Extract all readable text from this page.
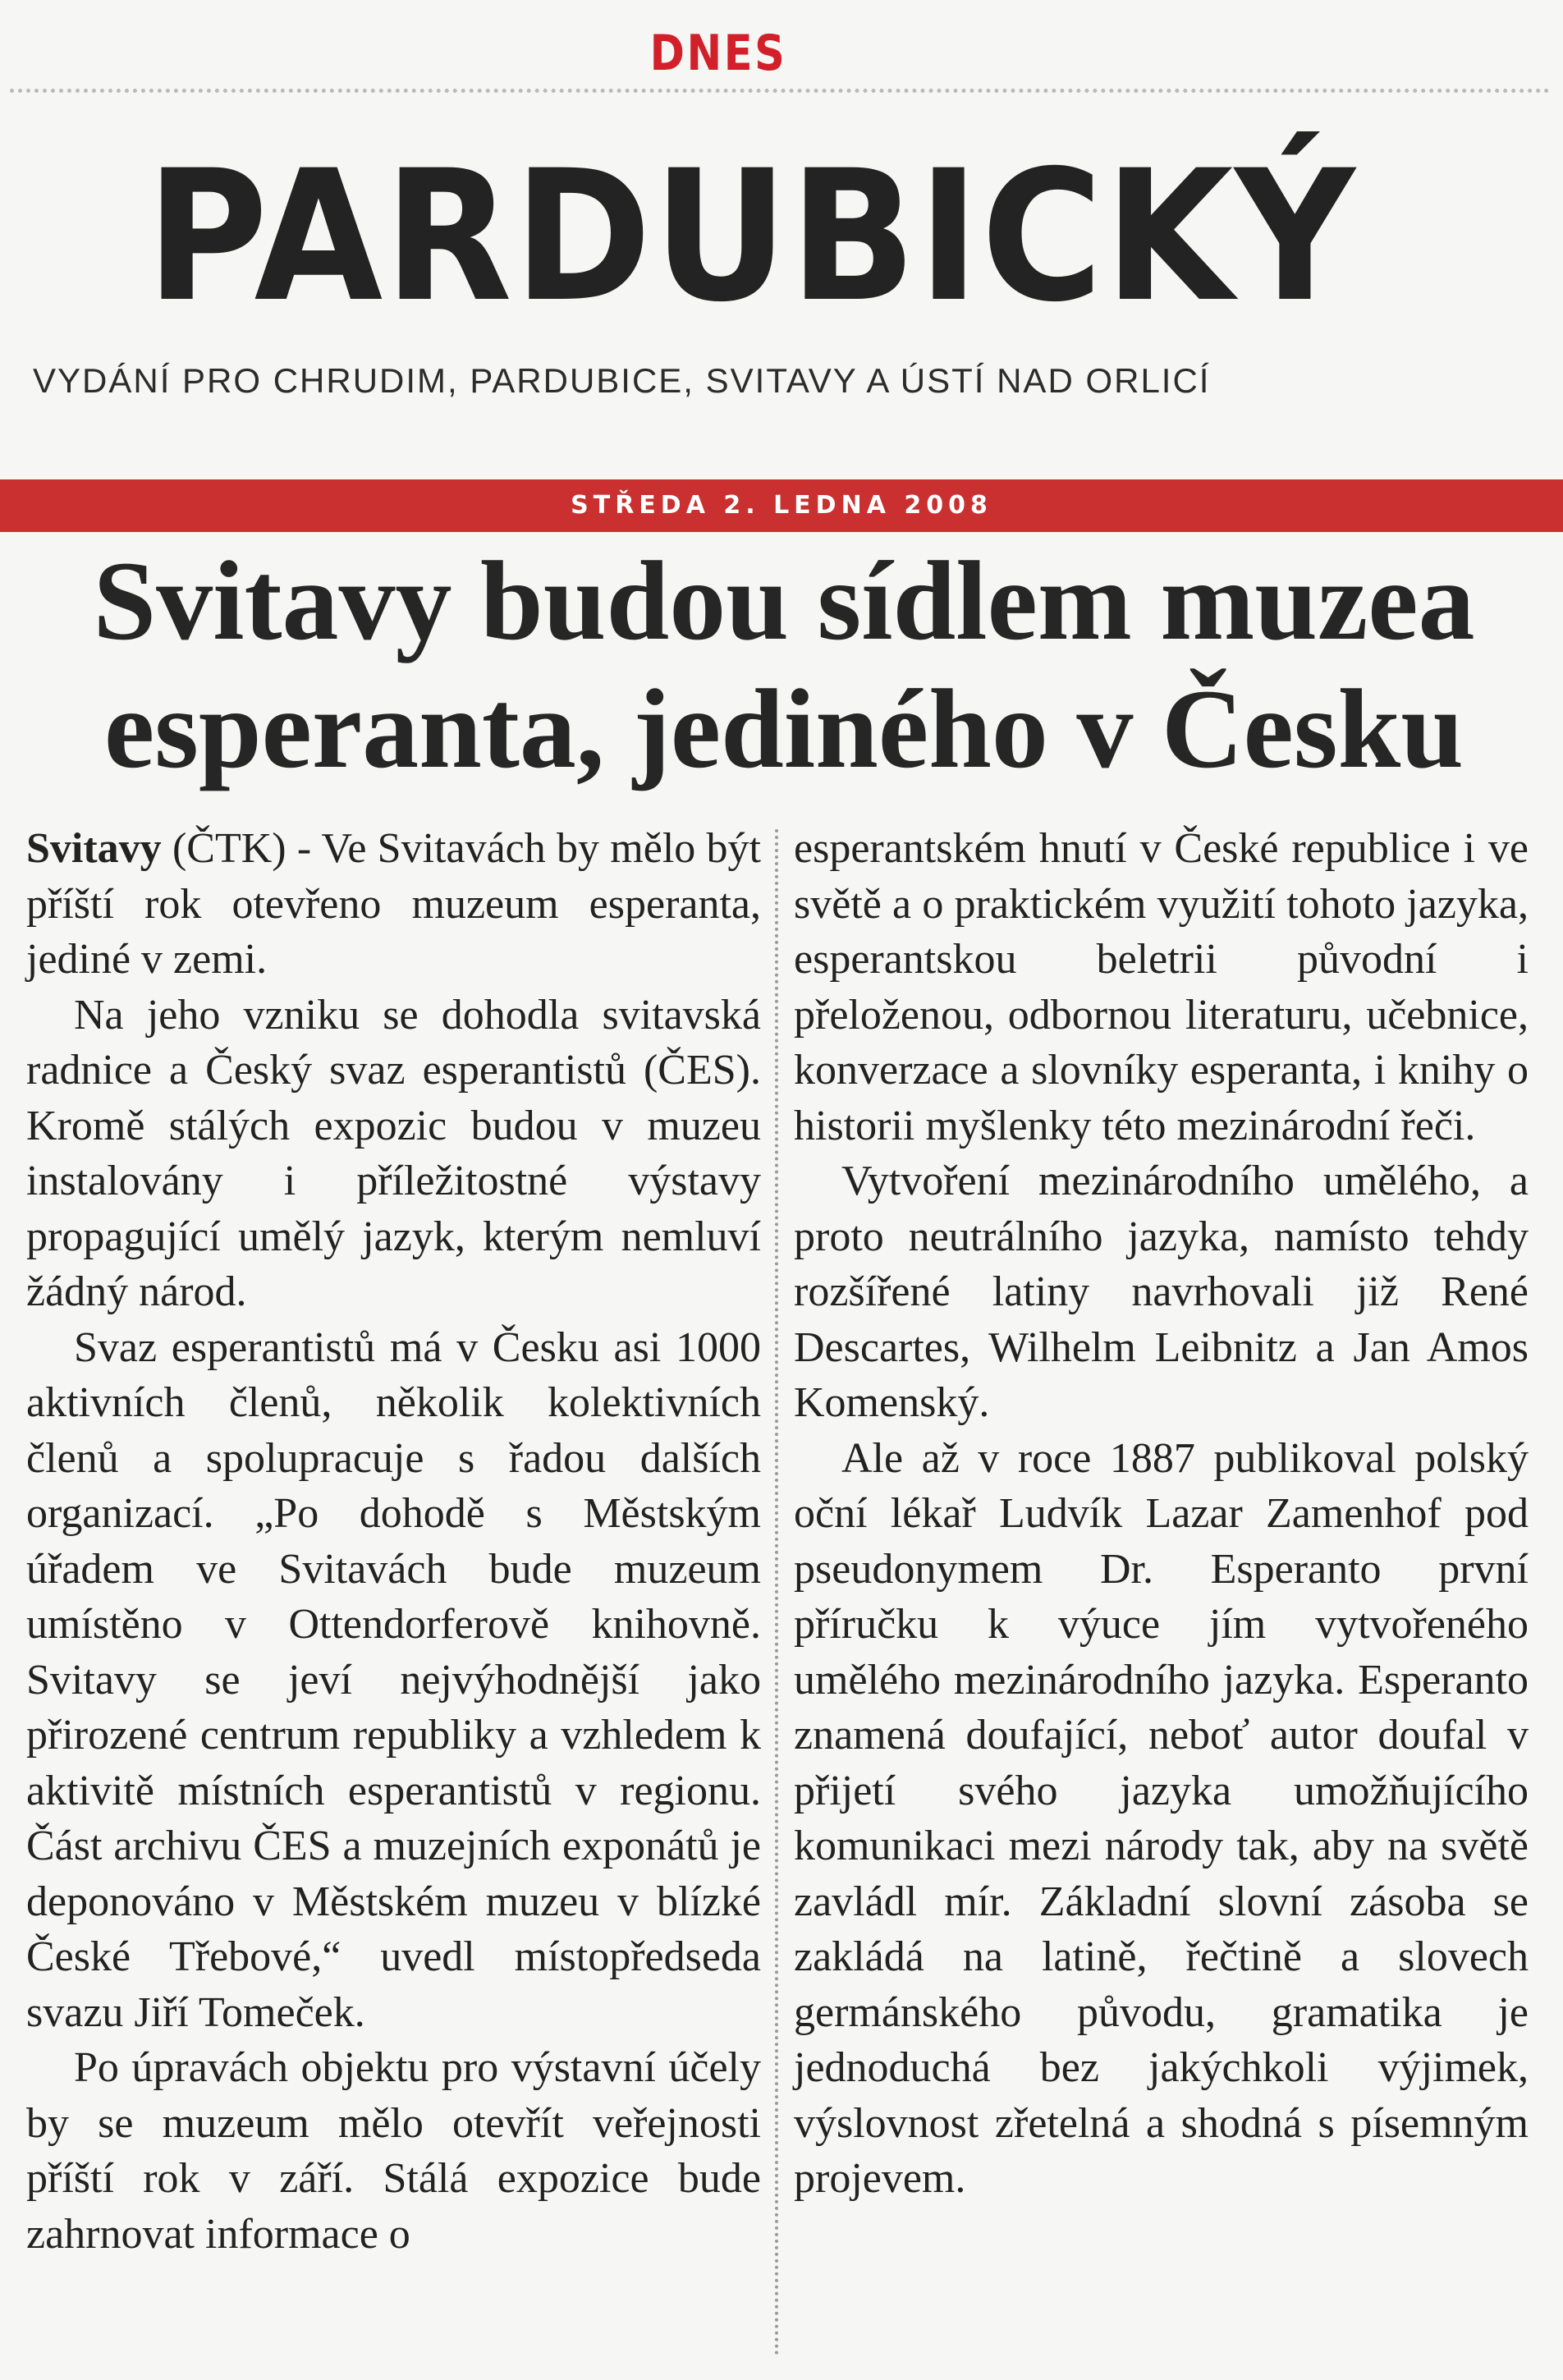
DNES
PARDUBICKÝ
VYDÁNÍ PRO CHRUDIM, PARDUBICE, SVITAVY A ÚSTÍ NAD ORLICÍ
STŘEDA 2. LEDNA 2008
Svitavy budou sídlem muzea
esperanta, jediného v Česku

Svitavy (ČTK) - Ve Svitavách by mělo být příští rok otevřeno muzeum esperanta, jediné v zemi.

Na jeho vzniku se dohodla svitavská radnice a Český svaz esperantistů (ČES). Kromě stálých expozic budou v muzeu instalovány i příležitostné výstavy propagující umělý jazyk, kterým nemluví žádný národ.

Svaz esperantistů má v Česku asi 1000 aktivních členů, několik kolektivních členů a spolupracuje s řadou dalších organizací. „Po dohodě s Městským úřadem ve Svitavách bude muzeum umístěno v Ottendorferově knihovně. Svitavy se jeví nejvýhodnější jako přirozené centrum republiky a vzhledem k aktivitě místních esperantistů v regionu. Část archivu ČES a muzejních exponátů je deponováno v Městském muzeu v blízké České Třebové,“ uvedl místopředseda svazu Jiří Tomeček.

Po úpravách objektu pro výstavní účely by se muzeum mělo otevřít veřejnosti příští rok v září. Stálá expozice bude zahrnovat informace o

esperantském hnutí v České republice i ve světě a o praktickém využití tohoto jazyka, esperantskou beletrii původní i přeloženou, odbornou literaturu, učebnice, konverzace a slovníky esperanta, i knihy o historii myšlenky této mezinárodní řeči.

Vytvoření mezinárodního umělého, a proto neutrálního jazyka, namísto tehdy rozšířené latiny navrhovali již René Descartes, Wilhelm Leibnitz a Jan Amos Komenský.

Ale až v roce 1887 publikoval polský oční lékař Ludvík Lazar Zamenhof pod pseudonymem Dr. Esperanto první příručku k výuce jím vytvořeného umělého mezinárodního jazyka. Esperanto znamená doufající, neboť autor doufal v přijetí svého jazyka umožňujícího komunikaci mezi národy tak, aby na světě zavládl mír. Základní slovní zásoba se zakládá na latině, řečtině a slovech germánského původu, gramatika je jednoduchá bez jakýchkoli výjimek, výslovnost zřetelná a shodná s písemným projevem.
